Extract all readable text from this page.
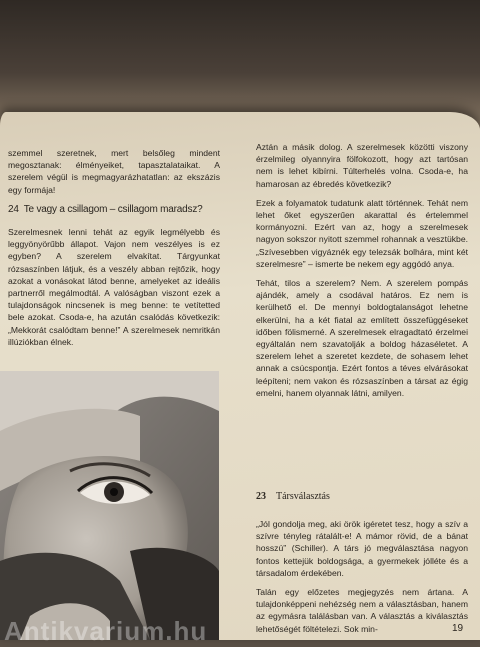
szemmel szeretnek, mert belsőleg mindent megosztanak: élményeiket, tapasztalataikat. A szerelem végül is megmagyarázhatatlan: az ekszázis egy formája!

24 Te vagy a csillagom – csillagom maradsz?

Szerelmesnek lenni tehát az egyik legmélyebb és leggyönyörűbb állapot. Vajon nem veszélyes is ez egyben? A szerelem elvakítat. Tárgyunkat rózsaszínben látjuk, és a veszély abban rejtőzik, hogy azokat a vonásokat látod benne, amelyeket az ideális partnerről megálmodtál. A valóságban viszont ezek a tulajdonságok nincsenek is meg benne: te vetítetted bele azokat. Csoda-e, ha azután csalódás következik: „Mekkorát csalódtam benne!” A szerelmesek nemritkán illúziókban élnek.

Aztán a másik dolog. A szerelmesek közötti viszony érzelmileg olyannyira fölfokozott, hogy azt tartósan nem is lehet kibírni. Túlterhelés volna. Csoda-e, ha hamarosan az ébredés következik?

Ezek a folyamatok tudatunk alatt történnek. Tehát nem lehet őket egyszerűen akarattal és értelemmel kormányozni. Ezért van az, hogy a szerelmesek nagyon sokszor nyitott szemmel rohannak a vesztükbe. „Szívesebben vigyáznék egy telezsák bolhára, mint két szerelmesre” – ismerte be nekem egy aggódó anya.

Tehát, tilos a szerelem? Nem. A szerelem pompás ajándék, amely a csodával határos. Ez nem is kerülhető el. De mennyi boldogtalanságot lehetne elkerülni, ha a két fiatal az említett összefüggéseket időben fölismerné. A szerelmesek elragadtató érzelmei egyáltalán nem szavatolják a boldog házaséletet. A szerelem lehet a szeretet kezdete, de sohasem lehet annak a csúcspontja. Ezért fontos a téves elvárásokat leépíteni; nem vakon és rózsaszínben a társat az égig emelni, hanem olyannak látni, amilyen.

23 Társválasztás

„Jól gondolja meg, aki örök igéretet tesz, hogy a szív a szívre tényleg rátalált-e! A mámor rövid, de a bánat hosszú” (Schiller). A társ jó megválasztása nagyon fontos kettejük boldogsága, a gyermekek jólléte és a társadalom érdekében.

Talán egy előzetes megjegyzés nem ártana. A tulajdonképpeni nehézség nem a választásban, hanem az egymásra találásban van. A választás a kiválasztás lehetőségét föltételezi. Sok min-

Antikvarium.hu	19
